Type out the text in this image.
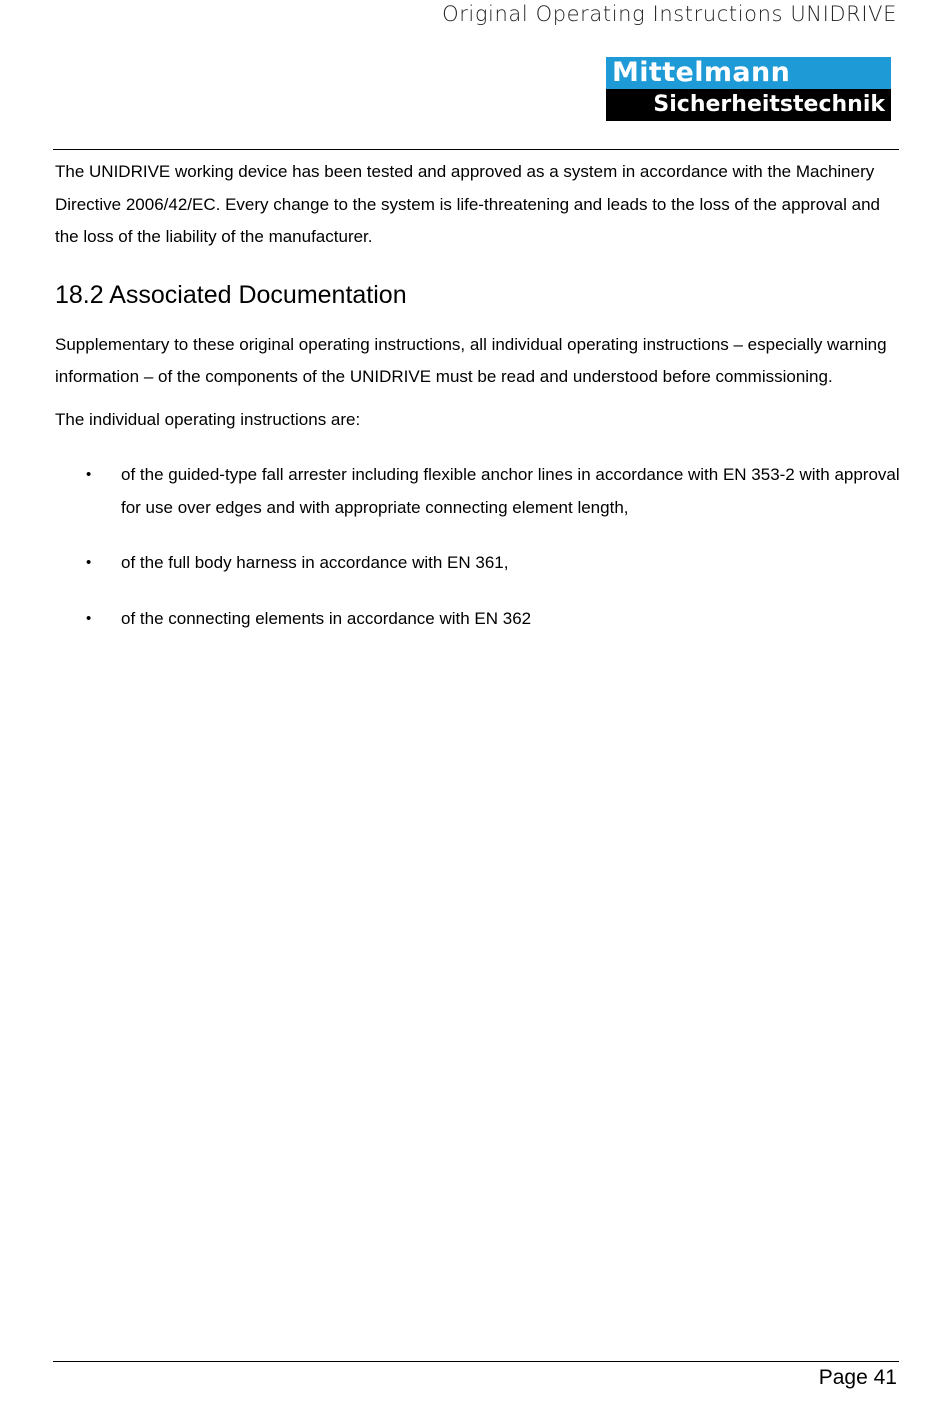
Original Operating Instructions UNIDRIVE
Mittelmann
Sicherheitstechnik

The UNIDRIVE working device has been tested and approved as a system in accordance with the Machinery Directive 2006/42/EC. Every change to the system is life-threatening and leads to the loss of the approval and the loss of the liability of the manufacturer.

18.2 Associated Documentation

Supplementary to these original operating instructions, all individual operating instructions – especially warning information – of the components of the UNIDRIVE must be read and understood before commissioning.

The individual operating instructions are:

• of the guided-type fall arrester including flexible anchor lines in accordance with EN 353-2 with approval for use over edges and with appropriate connecting element length,
• of the full body harness in accordance with EN 361,
• of the connecting elements in accordance with EN 362
Page 41
